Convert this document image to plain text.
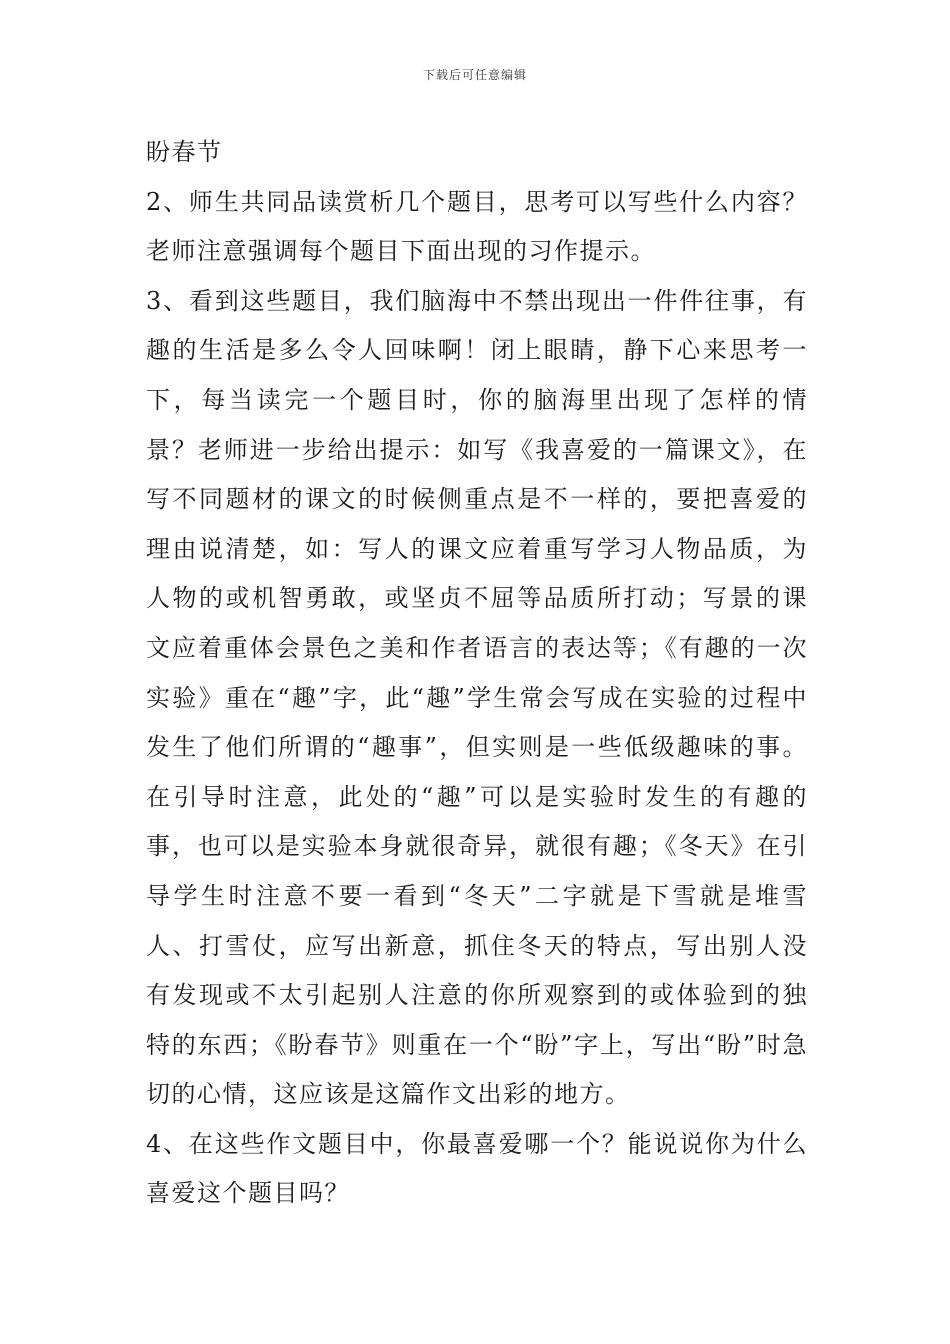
下载后可任意编辑

盼春节

2、师生共同品读赏析几个题目，思考可以写些什么内容？老师注意强调每个题目下面出现的习作提示。

3、看到这些题目，我们脑海中不禁出现出一件件往事，有趣的生活是多么令人回味啊！闭上眼睛，静下心来思考一下，每当读完一个题目时，你的脑海里出现了怎样的情景？老师进一步给出提示：如写《我喜爱的一篇课文》，在写不同题材的课文的时候侧重点是不一样的，要把喜爱的理由说清楚，如：写人的课文应着重写学习人物品质，为人物的或机智勇敢，或坚贞不屈等品质所打动；写景的课文应着重体会景色之美和作者语言的表达等；《有趣的一次实验》重在“趣”字，此“趣”学生常会写成在实验的过程中发生了他们所谓的“趣事”，但实则是一些低级趣味的事。在引导时注意，此处的“趣”可以是实验时发生的有趣的事，也可以是实验本身就很奇异，就很有趣；《冬天》在引导学生时注意不要一看到“冬天”二字就是下雪就是堆雪人、打雪仗，应写出新意，抓住冬天的特点，写出别人没有发现或不太引起别人注意的你所观察到的或体验到的独特的东西；《盼春节》则重在一个“盼”字上，写出“盼”时急切的心情，这应该是这篇作文出彩的地方。

4、在这些作文题目中，你最喜爱哪一个？能说说你为什么喜爱这个题目吗？
